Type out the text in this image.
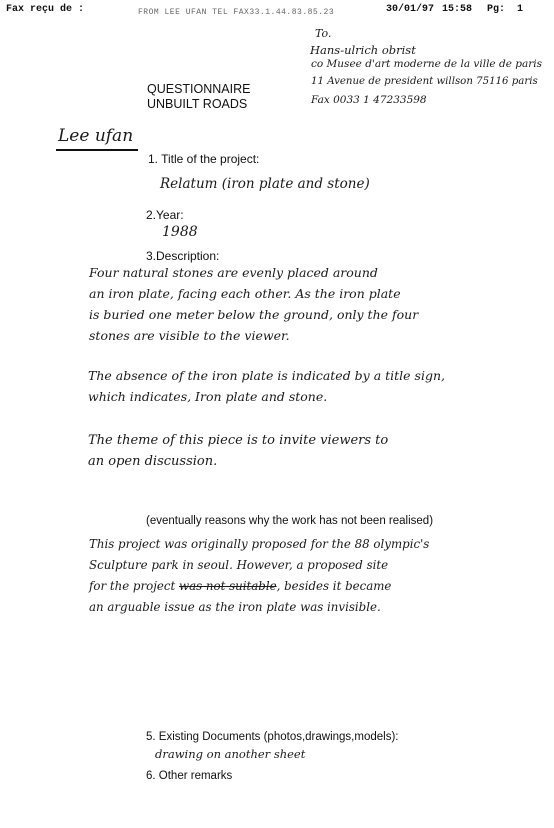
Fax reçu de :	FROM LEE UFAN TEL FAX33.1.44.83.85.23	30/01/97 15:58 Pg: 1
To.
Hans-ulrich obrist
co Musee d'art moderne de la ville de paris
11 Avenue de president willson 75116 paris
Fax 0033 1 47233598
QUESTIONNAIRE
UNBUILT ROADS
Lee ufan
1. Title of the project:
Relatum (iron plate and stone)
2.Year:
1988
3.Description:
Four natural stones are evenly placed around
an iron plate, facing each other. As the iron plate
is buried one meter below the ground, only the four
stones are visible to the viewer.
The absence of the iron plate is indicated by a title sign,
which indicates, Iron plate and stone.
The theme of this piece is to invite viewers to
an open discussion.
(eventually reasons why the work has not been realised)
This project was originally proposed for the 88 olympic's
Sculpture park in seoul. However, a proposed site
for the project was not suitable, besides it became
an arguable issue as the iron plate was invisible.
5. Existing Documents (photos,drawings,models):
drawing on another sheet
6. Other remarks
